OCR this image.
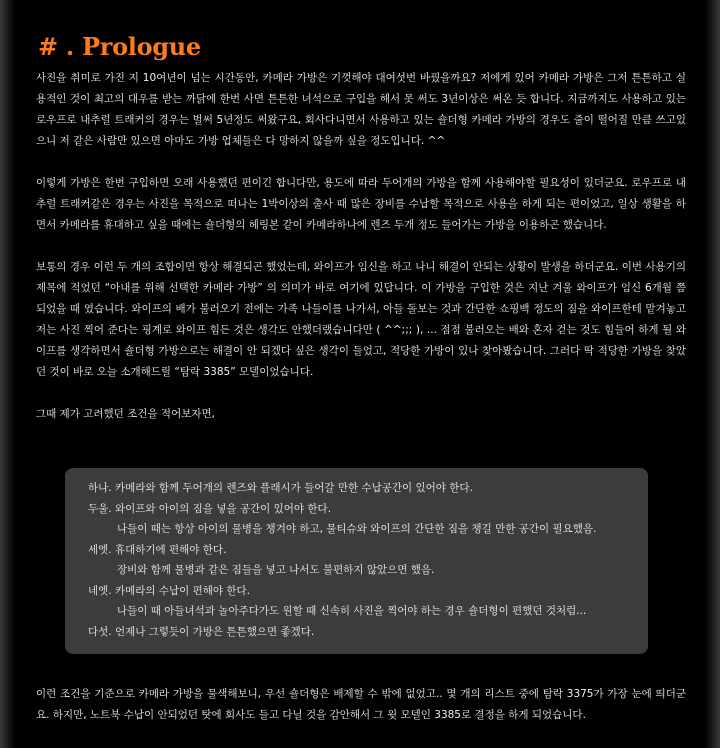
# . Prologue

사진을 취미로 가진 지 10여년이 넘는 시간동안, 카메라 가방은 기껏해야 대여섯번 바꿨을까요? 저에게 있어 카메라 가방은 그저 튼튼하고 실용적인 것이 최고의 대우를 받는 까닭에 한번 사면 튼튼한 녀석으로 구입을 해서 못 써도 3년이상은 써온 듯 합니다. 지금까지도 사용하고 있는 로우프로 내추럴 트래커의 경우는 벌써 5년정도 써왔구요, 회사다니면서 사용하고 있는 숄더형 카메라 가방의 경우도 줄이 떨어질 만큼 쓰고있으니 저 같은 사람만 있으면 아마도 가방 업체들은 다 망하지 않을까 싶을 정도입니다. ^^

이렇게 가방은 한번 구입하면 오래 사용했던 편이긴 합니다만, 용도에 따라 두어개의 가방을 함께 사용해야할 필요성이 있더군요. 로우프로 내추럴 트래커같은 경우는 사진을 목적으로 떠나는 1박이상의 출사 때 많은 장비를 수납할 목적으로 사용을 하게 되는 편이었고, 일상 생활을 하면서 카메라를 휴대하고 싶을 때에는 숄더형의 헤링본 같이 카메라하나에 렌즈 두개 정도 들어가는 가방을 이용하곤 했습니다.

보통의 경우 이런 두 개의 조합이면 항상 해결되곤 했었는데, 와이프가 임신을 하고 나니 해결이 안되는 상황이 발생을 하더군요. 이번 사용기의 제목에 적었던 “아내를 위해 선택한 카메라 가방” 의 의미가 바로 여기에 있답니다. 이 가방을 구입한 것은 지난 겨울 와이프가 임신 6개월 쯤 되었을 때 였습니다. 와이프의 배가 불러오기 전에는 가족 나들이를 나가서, 아들 돌보는 것과 간단한 쇼핑백 정도의 짐을 와이프한테 맡겨놓고 저는 사진 찍어 준다는 핑계로 와이프 힘든 것은 생각도 안했더랬습니다만 ( ^^;;; ), ... 점점 불러오는 배와 혼자 걷는 것도 힘들어 하게 될 와이프를 생각하면서 숄더형 가방으로는 해결이 안 되겠다 싶은 생각이 들었고, 적당한 가방이 있나 찾아봤습니다. 그러다 딱 적당한 가방을 찾았던 것이 바로 오늘 소개해드릴 “탐락 3385” 모델이었습니다.

그때 제가 고려했던 조건을 적어보자면,

하나. 카메라와 함께 두어개의 렌즈와 플래시가 들어갈 만한 수납공간이 있어야 한다.
두울. 와이프와 아이의 짐을 넣을 공간이 있어야 한다.
나들이 때는 항상 아이의 물병을 챙겨야 하고, 물티슈와 와이프의 간단한 짐을 챙길 만한 공간이 필요했음.
세엣. 휴대하기에 편해야 한다.
장비와 함께 물병과 같은 짐들을 넣고 나서도 불편하지 않았으면 했음.
네엣. 카메라의 수납이 편해야 한다.
나들이 때 아들녀석과 놀아주다가도 원할 때 신속히 사진을 찍어야 하는 경우 숄더형이 편했던 것처럼...
다섯. 언제나 그렇듯이 가방은 튼튼했으면 좋겠다.

이런 조건을 기준으로 카메라 가방을 물색해보니, 우선 숄더형은 배제할 수 밖에 없었고.. 몇 개의 리스트 중에 탐락 3375가 가장 눈에 띄더군요. 하지만, 노트북 수납이 안되었던 탓에 회사도 들고 다닐 것을 감안해서 그 윗 모델인 3385로 결정을 하게 되었습니다.
